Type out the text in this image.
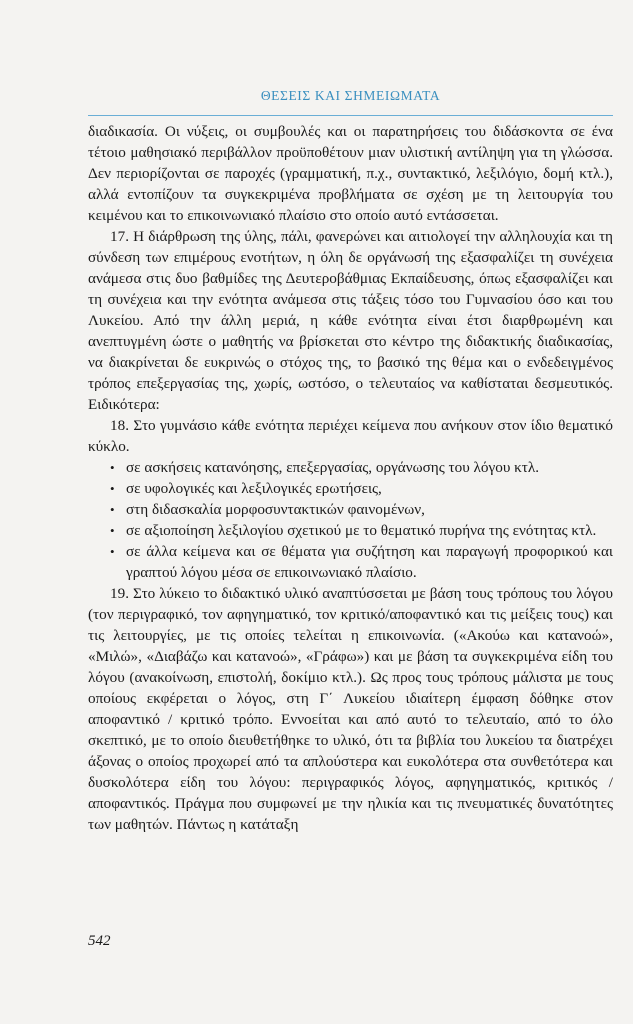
ΘΕΣΕΙΣ ΚΑΙ ΣΗΜΕΙΩΜΑΤΑ

διαδικασία. Οι νύξεις, οι συμβουλές και οι παρατηρήσεις του διδάσκοντα σε ένα τέτοιο μαθησιακό περιβάλλον προϋποθέτουν μιαν υλιστική αντίληψη για τη γλώσσα. Δεν περιορίζονται σε παροχές (γραμματική, π.χ., συντακτικό, λεξιλόγιο, δομή κτλ.), αλλά εντοπίζουν τα συγκεκριμένα προβλήματα σε σχέση με τη λειτουργία του κειμένου και το επικοινωνιακό πλαίσιο στο οποίο αυτό εντάσσεται.

17. Η διάρθρωση της ύλης, πάλι, φανερώνει και αιτιολογεί την αλληλουχία και τη σύνδεση των επιμέρους ενοτήτων, η όλη δε οργάνωσή της εξασφαλίζει τη συνέχεια ανάμεσα στις δυο βαθμίδες της Δευτεροβάθμιας Εκπαίδευσης, όπως εξασφαλίζει και τη συνέχεια και την ενότητα ανάμεσα στις τάξεις τόσο του Γυμνασίου όσο και του Λυκείου. Από την άλλη μεριά, η κάθε ενότητα είναι έτσι διαρθρωμένη και ανεπτυγμένη ώστε ο μαθητής να βρίσκεται στο κέντρο της διδακτικής διαδικασίας, να διακρίνεται δε ευκρινώς ο στόχος της, το βασικό της θέμα και ο ενδεδειγμένος τρόπος επεξεργασίας της, χωρίς, ωστόσο, ο τελευταίος να καθίσταται δεσμευτικός. Ειδικότερα:

18. Στο γυμνάσιο κάθε ενότητα περιέχει κείμενα που ανήκουν στον ίδιο θεματικό κύκλο.

• σε ασκήσεις κατανόησης, επεξεργασίας, οργάνωσης του λόγου κτλ.
• σε υφολογικές και λεξιλογικές ερωτήσεις,
• στη διδασκαλία μορφοσυντακτικών φαινομένων,
• σε αξιοποίηση λεξιλογίου σχετικού με το θεματικό πυρήνα της ενότητας κτλ.
• σε άλλα κείμενα και σε θέματα για συζήτηση και παραγωγή προφορικού και γραπτού λόγου μέσα σε επικοινωνιακό πλαίσιο.

19. Στο λύκειο το διδακτικό υλικό αναπτύσσεται με βάση τους τρόπους του λόγου (τον περιγραφικό, τον αφηγηματικό, τον κριτικό/αποφαντικό και τις μείξεις τους) και τις λειτουργίες, με τις οποίες τελείται η επικοινωνία. («Ακούω και κατανοώ», «Μιλώ», «Διαβάζω και κατανοώ», «Γράφω») και με βάση τα συγκεκριμένα είδη του λόγου (ανακοίνωση, επιστολή, δοκίμιο κτλ.). Ως προς τους τρόπους μάλιστα με τους οποίους εκφέρεται ο λόγος, στη Γ΄ Λυκείου ιδιαίτερη έμφαση δόθηκε στον αποφαντικό / κριτικό τρόπο. Εννοείται και από αυτό το τελευταίο, από το όλο σκεπτικό, με το οποίο διευθετήθηκε το υλικό, ότι τα βιβλία του λυκείου τα διατρέχει άξονας ο οποίος προχωρεί από τα απλούστερα και ευκολότερα στα συνθετότερα και δυσκολότερα είδη του λόγου: περιγραφικός λόγος, αφηγηματικός, κριτικός / αποφαντικός. Πράγμα που συμφωνεί με την ηλικία και τις πνευματικές δυνατότητες των μαθητών. Πάντως η κατάταξη

542
